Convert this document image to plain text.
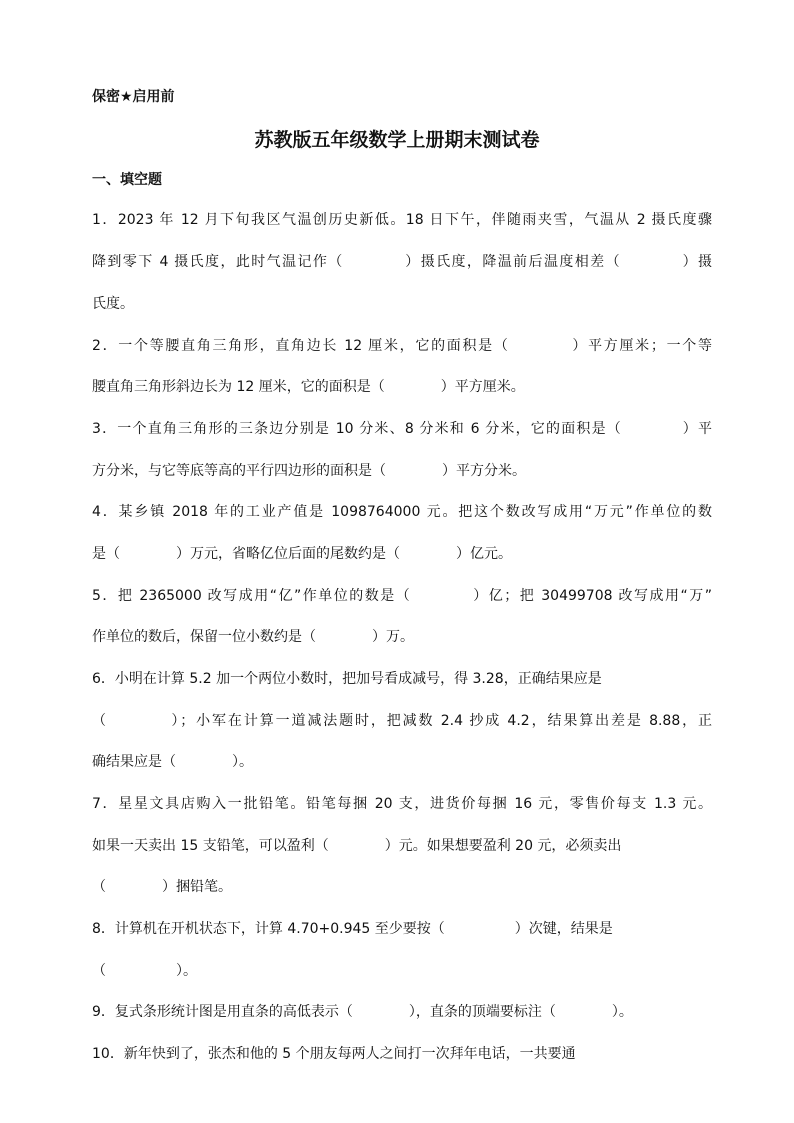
保密★启用前
苏教版五年级数学上册期末测试卷
一、填空题
1．2023 年 12 月下旬我区气温创历史新低。18 日下午，伴随雨夹雪，气温从 2 摄氏度骤
降到零下 4 摄氏度，此时气温记作（　　　　）摄氏度，降温前后温度相差（　　　　）摄
氏度。
2．一个等腰直角三角形，直角边长 12 厘米，它的面积是（　　　　）平方厘米；一个等
腰直角三角形斜边长为 12 厘米，它的面积是（　　　　）平方厘米。
3．一个直角三角形的三条边分别是 10 分米、8 分米和 6 分米，它的面积是（　　　　）平
方分米，与它等底等高的平行四边形的面积是（　　　　）平方分米。
4．某乡镇 2018 年的工业产值是 1098764000 元。把这个数改写成用“万元”作单位的数
是（　　　　）万元，省略亿位后面的尾数约是（　　　　）亿元。
5．把 2365000 改写成用“亿”作单位的数是（　　　　）亿；把 30499708 改写成用“万”
作单位的数后，保留一位小数约是（　　　　）万。
6．小明在计算 5.2 加一个两位小数时，把加号看成减号，得 3.28，正确结果应是
（　　　　）；小军在计算一道减法题时，把减数 2.4 抄成 4.2，结果算出差是 8.88，正
确结果应是（　　　　）。
7．星星文具店购入一批铅笔。铅笔每捆 20 支，进货价每捆 16 元，零售价每支 1.3 元。
如果一天卖出 15 支铅笔，可以盈利（　　　　）元。如果想要盈利 20 元，必须卖出
（　　　　）捆铅笔。
8．计算机在开机状态下，计算 4.70+0.945 至少要按（　　　　　）次键，结果是
（　　　　　）。
9．复式条形统计图是用直条的高低表示（　　　　），直条的顶端要标注（　　　　）。
10．新年快到了，张杰和他的 5 个朋友每两人之间打一次拜年电话，一共要通
